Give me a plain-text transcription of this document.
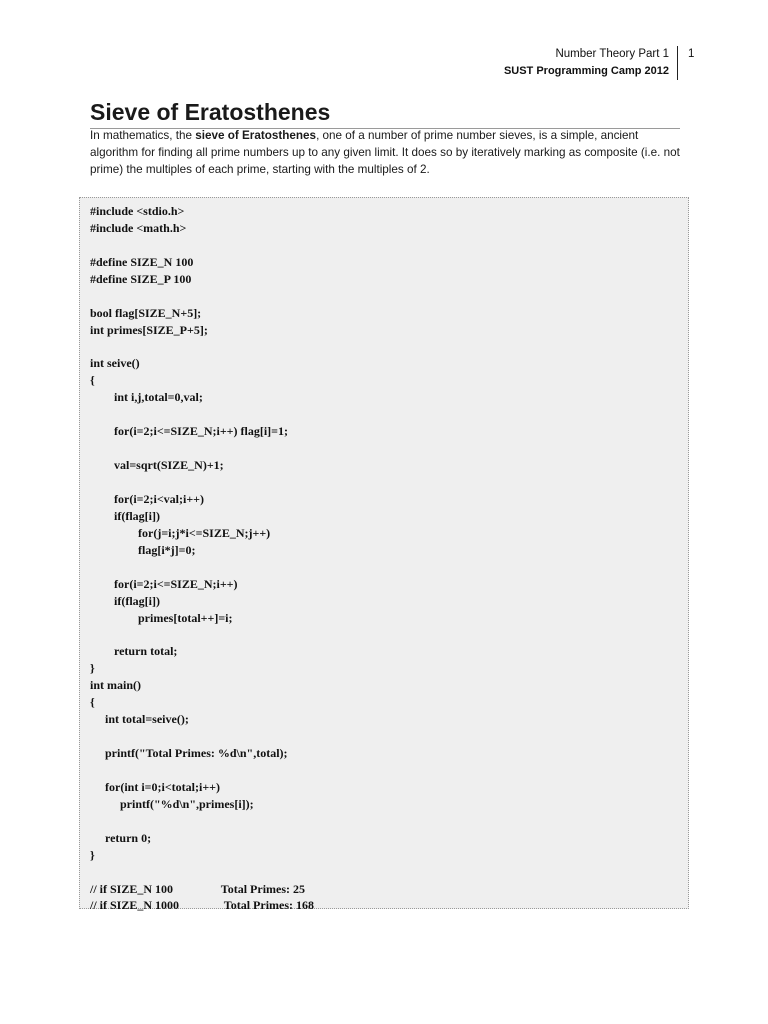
Number Theory Part 1
SUST Programming Camp 2012
1
Sieve of Eratosthenes

In mathematics, the sieve of Eratosthenes, one of a number of prime number sieves, is a simple, ancient algorithm for finding all prime numbers up to any given limit. It does so by iteratively marking as composite (i.e. not prime) the multiples of each prime, starting with the multiples of 2.

#include <stdio.h>
#include <math.h>
#define SIZE_N 100
#define SIZE_P 100
bool flag[SIZE_N+5];
int primes[SIZE_P+5];
int seive()
{
int i,j,total=0,val;
for(i=2;i<=SIZE_N;i++) flag[i]=1;
val=sqrt(SIZE_N)+1;
for(i=2;i<val;i++)
if(flag[i])
for(j=i;j*i<=SIZE_N;j++)
flag[i*j]=0;
for(i=2;i<=SIZE_N;i++)
if(flag[i])
primes[total++]=i;
return total;
}
int main()
{
int total=seive();
printf("Total Primes: %d\n",total);
for(int i=0;i<total;i++)
printf("%d\n",primes[i]);
return 0;
}
// if SIZE_N 100                Total Primes: 25
// if SIZE_N 1000               Total Primes: 168
